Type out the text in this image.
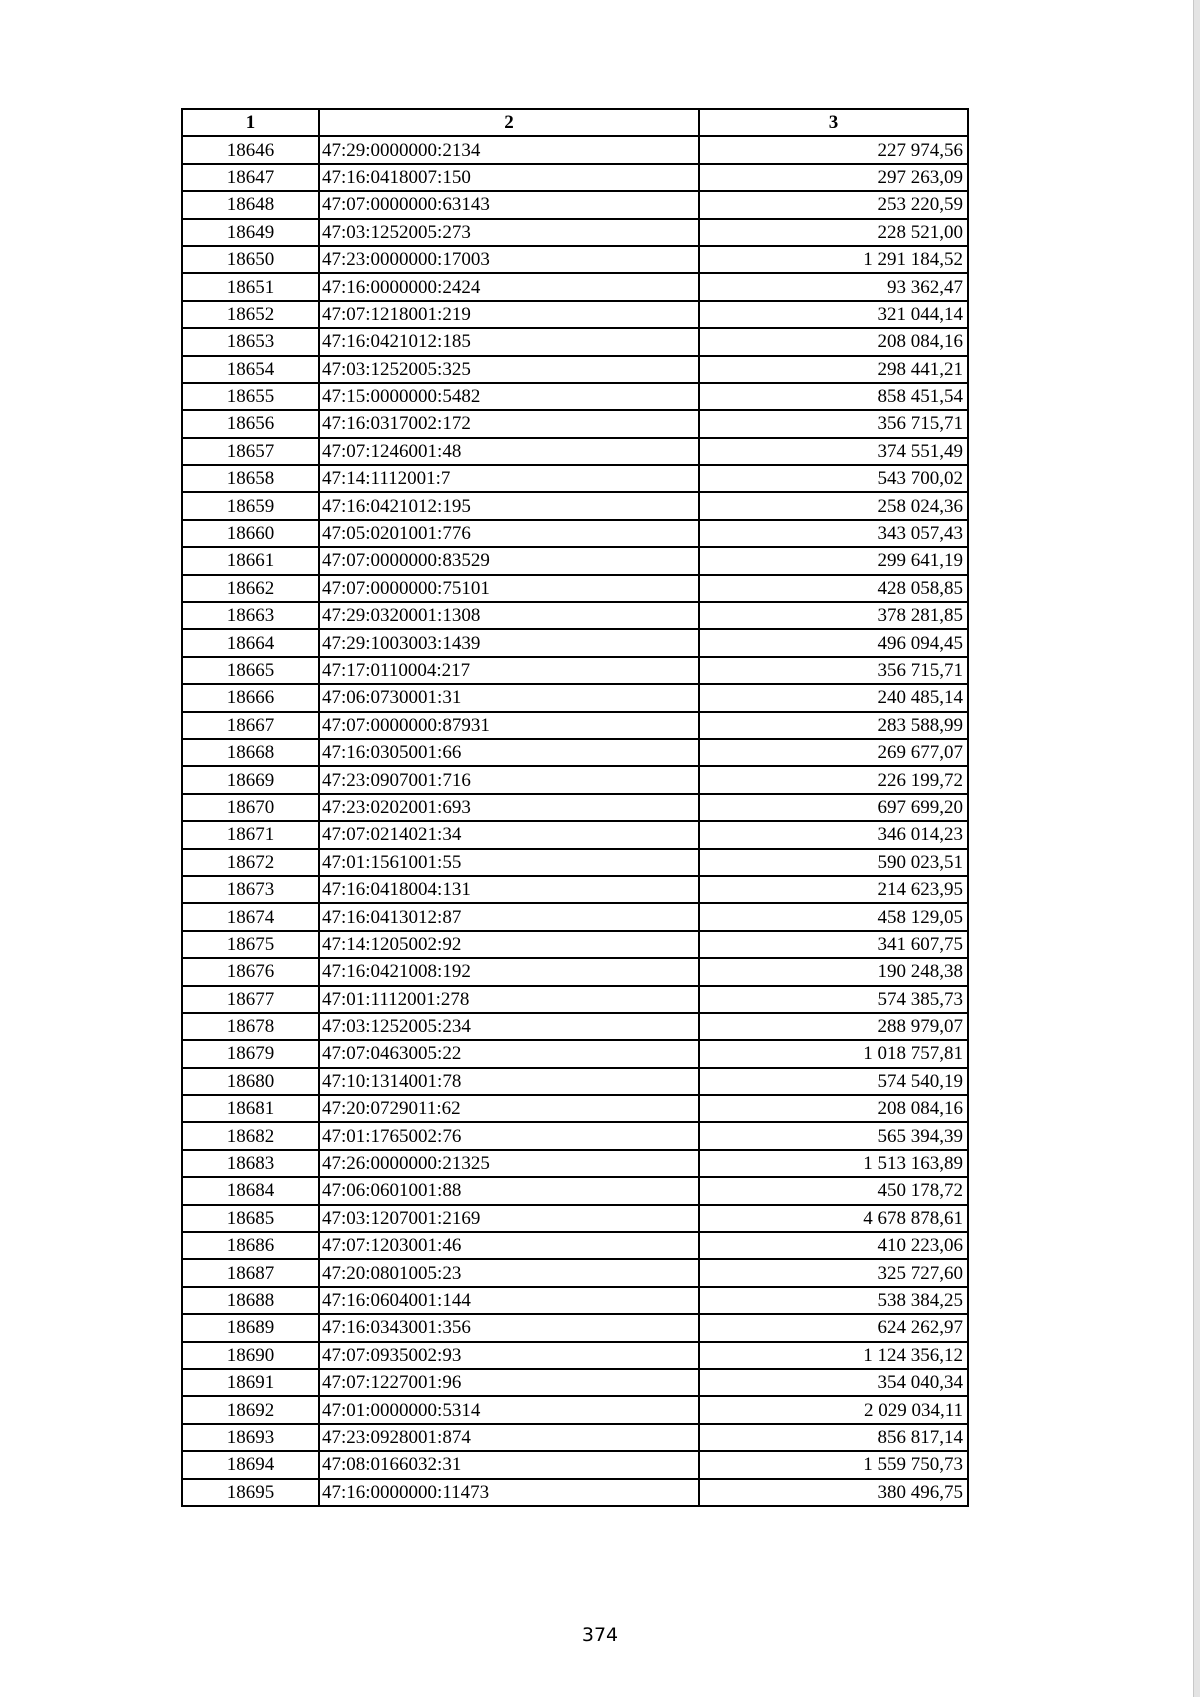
1	2	3
18646	47:29:0000000:2134	227 974,56
18647	47:16:0418007:150	297 263,09
18648	47:07:0000000:63143	253 220,59
18649	47:03:1252005:273	228 521,00
18650	47:23:0000000:17003	1 291 184,52
18651	47:16:0000000:2424	93 362,47
18652	47:07:1218001:219	321 044,14
18653	47:16:0421012:185	208 084,16
18654	47:03:1252005:325	298 441,21
18655	47:15:0000000:5482	858 451,54
18656	47:16:0317002:172	356 715,71
18657	47:07:1246001:48	374 551,49
18658	47:14:1112001:7	543 700,02
18659	47:16:0421012:195	258 024,36
18660	47:05:0201001:776	343 057,43
18661	47:07:0000000:83529	299 641,19
18662	47:07:0000000:75101	428 058,85
18663	47:29:0320001:1308	378 281,85
18664	47:29:1003003:1439	496 094,45
18665	47:17:0110004:217	356 715,71
18666	47:06:0730001:31	240 485,14
18667	47:07:0000000:87931	283 588,99
18668	47:16:0305001:66	269 677,07
18669	47:23:0907001:716	226 199,72
18670	47:23:0202001:693	697 699,20
18671	47:07:0214021:34	346 014,23
18672	47:01:1561001:55	590 023,51
18673	47:16:0418004:131	214 623,95
18674	47:16:0413012:87	458 129,05
18675	47:14:1205002:92	341 607,75
18676	47:16:0421008:192	190 248,38
18677	47:01:1112001:278	574 385,73
18678	47:03:1252005:234	288 979,07
18679	47:07:0463005:22	1 018 757,81
18680	47:10:1314001:78	574 540,19
18681	47:20:0729011:62	208 084,16
18682	47:01:1765002:76	565 394,39
18683	47:26:0000000:21325	1 513 163,89
18684	47:06:0601001:88	450 178,72
18685	47:03:1207001:2169	4 678 878,61
18686	47:07:1203001:46	410 223,06
18687	47:20:0801005:23	325 727,60
18688	47:16:0604001:144	538 384,25
18689	47:16:0343001:356	624 262,97
18690	47:07:0935002:93	1 124 356,12
18691	47:07:1227001:96	354 040,34
18692	47:01:0000000:5314	2 029 034,11
18693	47:23:0928001:874	856 817,14
18694	47:08:0166032:31	1 559 750,73
18695	47:16:0000000:11473	380 496,75
374
